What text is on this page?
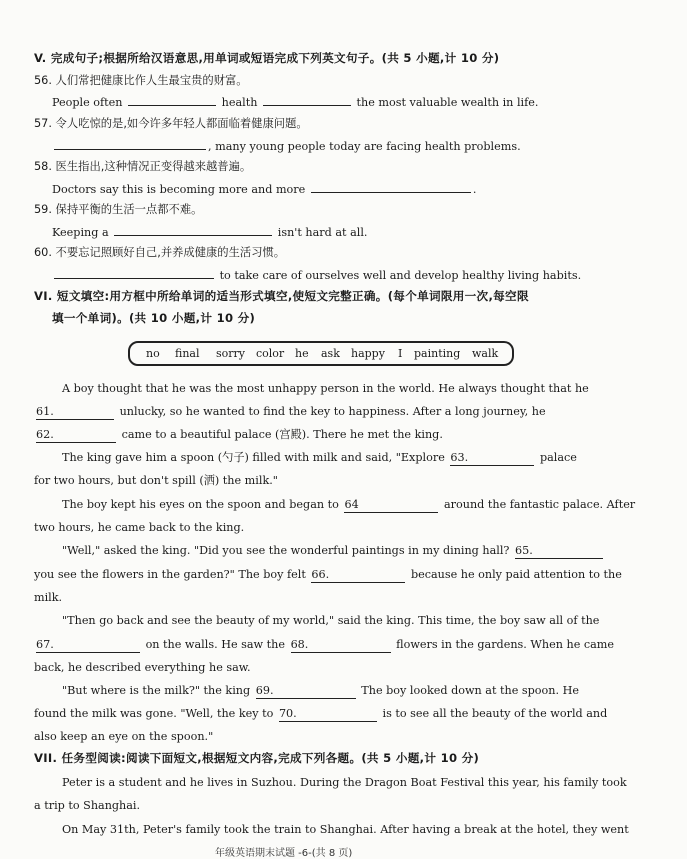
V. 完成句子;根据所给汉语意思,用单词或短语完成下列英文句子。(共 5 小题,计 10 分)
56. 人们常把健康比作人生最宝贵的财富。
People often	health	the most valuable wealth in life.
57. 令人吃惊的是,如今许多年轻人都面临着健康问题。
, many young people today are facing health problems.
58. 医生指出,这种情况正变得越来越普遍。
Doctors say this is becoming more and more	.
59. 保持平衡的生活一点都不难。
Keeping a	isn't hard at all.
60. 不要忘记照顾好自己,并养成健康的生活习惯。
to take care of ourselves well and develop healthy living habits.
VI. 短文填空:用方框中所给单词的适当形式填空,使短文完整正确。(每个单词限用一次,每空限
填一个单词)。(共 10 小题,计 10 分)
no final sorry color he ask happy I painting walk
A boy thought that he was the most unhappy person in the world. He always thought that he
61.	unlucky, so he wanted to find the key to happiness. After a long journey, he
62.	came to a beautiful palace (宫殿). There he met the king.
The king gave him a spoon (勺子) filled with milk and said, "Explore 63.	palace
for two hours, but don't spill (洒) the milk."
The boy kept his eyes on the spoon and began to 64	around the fantastic palace. After
two hours, he came back to the king.
"Well," asked the king. "Did you see the wonderful paintings in my dining hall? 65.
you see the flowers in the garden?" The boy felt 66.	because he only paid attention to the
milk.
"Then go back and see the beauty of my world," said the king. This time, the boy saw all of the
67.	on the walls. He saw the 68.	flowers in the gardens. When he came
back, he described everything he saw.
"But where is the milk?" the king 69.	The boy looked down at the spoon. He
found the milk was gone. "Well, the key to 70.	is to see all the beauty of the world and
also keep an eye on the spoon."
VII. 任务型阅读:阅读下面短文,根据短文内容,完成下列各题。(共 5 小题,计 10 分)
Peter is a student and he lives in Suzhou. During the Dragon Boat Festival this year, his family took
a trip to Shanghai.
On May 31th, Peter's family took the train to Shanghai. After having a break at the hotel, they went
年级英语期末试题 -6-(共 8 页)
